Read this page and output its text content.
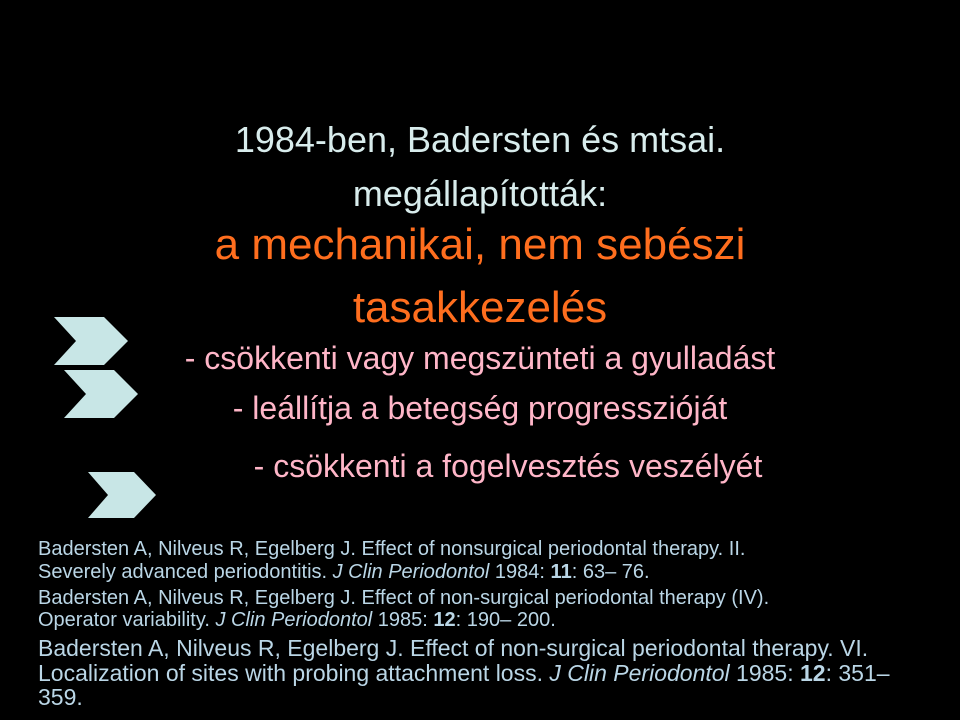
1984-ben, Badersten és mtsai.
megállapították:
a mechanikai, nem sebészi
tasakkezelés
- csökkenti vagy megszünteti a gyulladást
- leállítja a betegség progresszióját
- csökkenti a fogelvesztés veszélyét
Badersten A, Nilveus R, Egelberg J. Effect of nonsurgical periodontal therapy. II.
Severely advanced periodontitis. J Clin Periodontol 1984: 11: 63– 76.
Badersten A, Nilveus R, Egelberg J. Effect of non-surgical periodontal therapy (IV).
Operator variability. J Clin Periodontol 1985: 12: 190– 200.
Badersten A, Nilveus R, Egelberg J. Effect of non-surgical periodontal therapy. VI.
Localization of sites with probing attachment loss. J Clin Periodontol 1985: 12: 351–
359.
